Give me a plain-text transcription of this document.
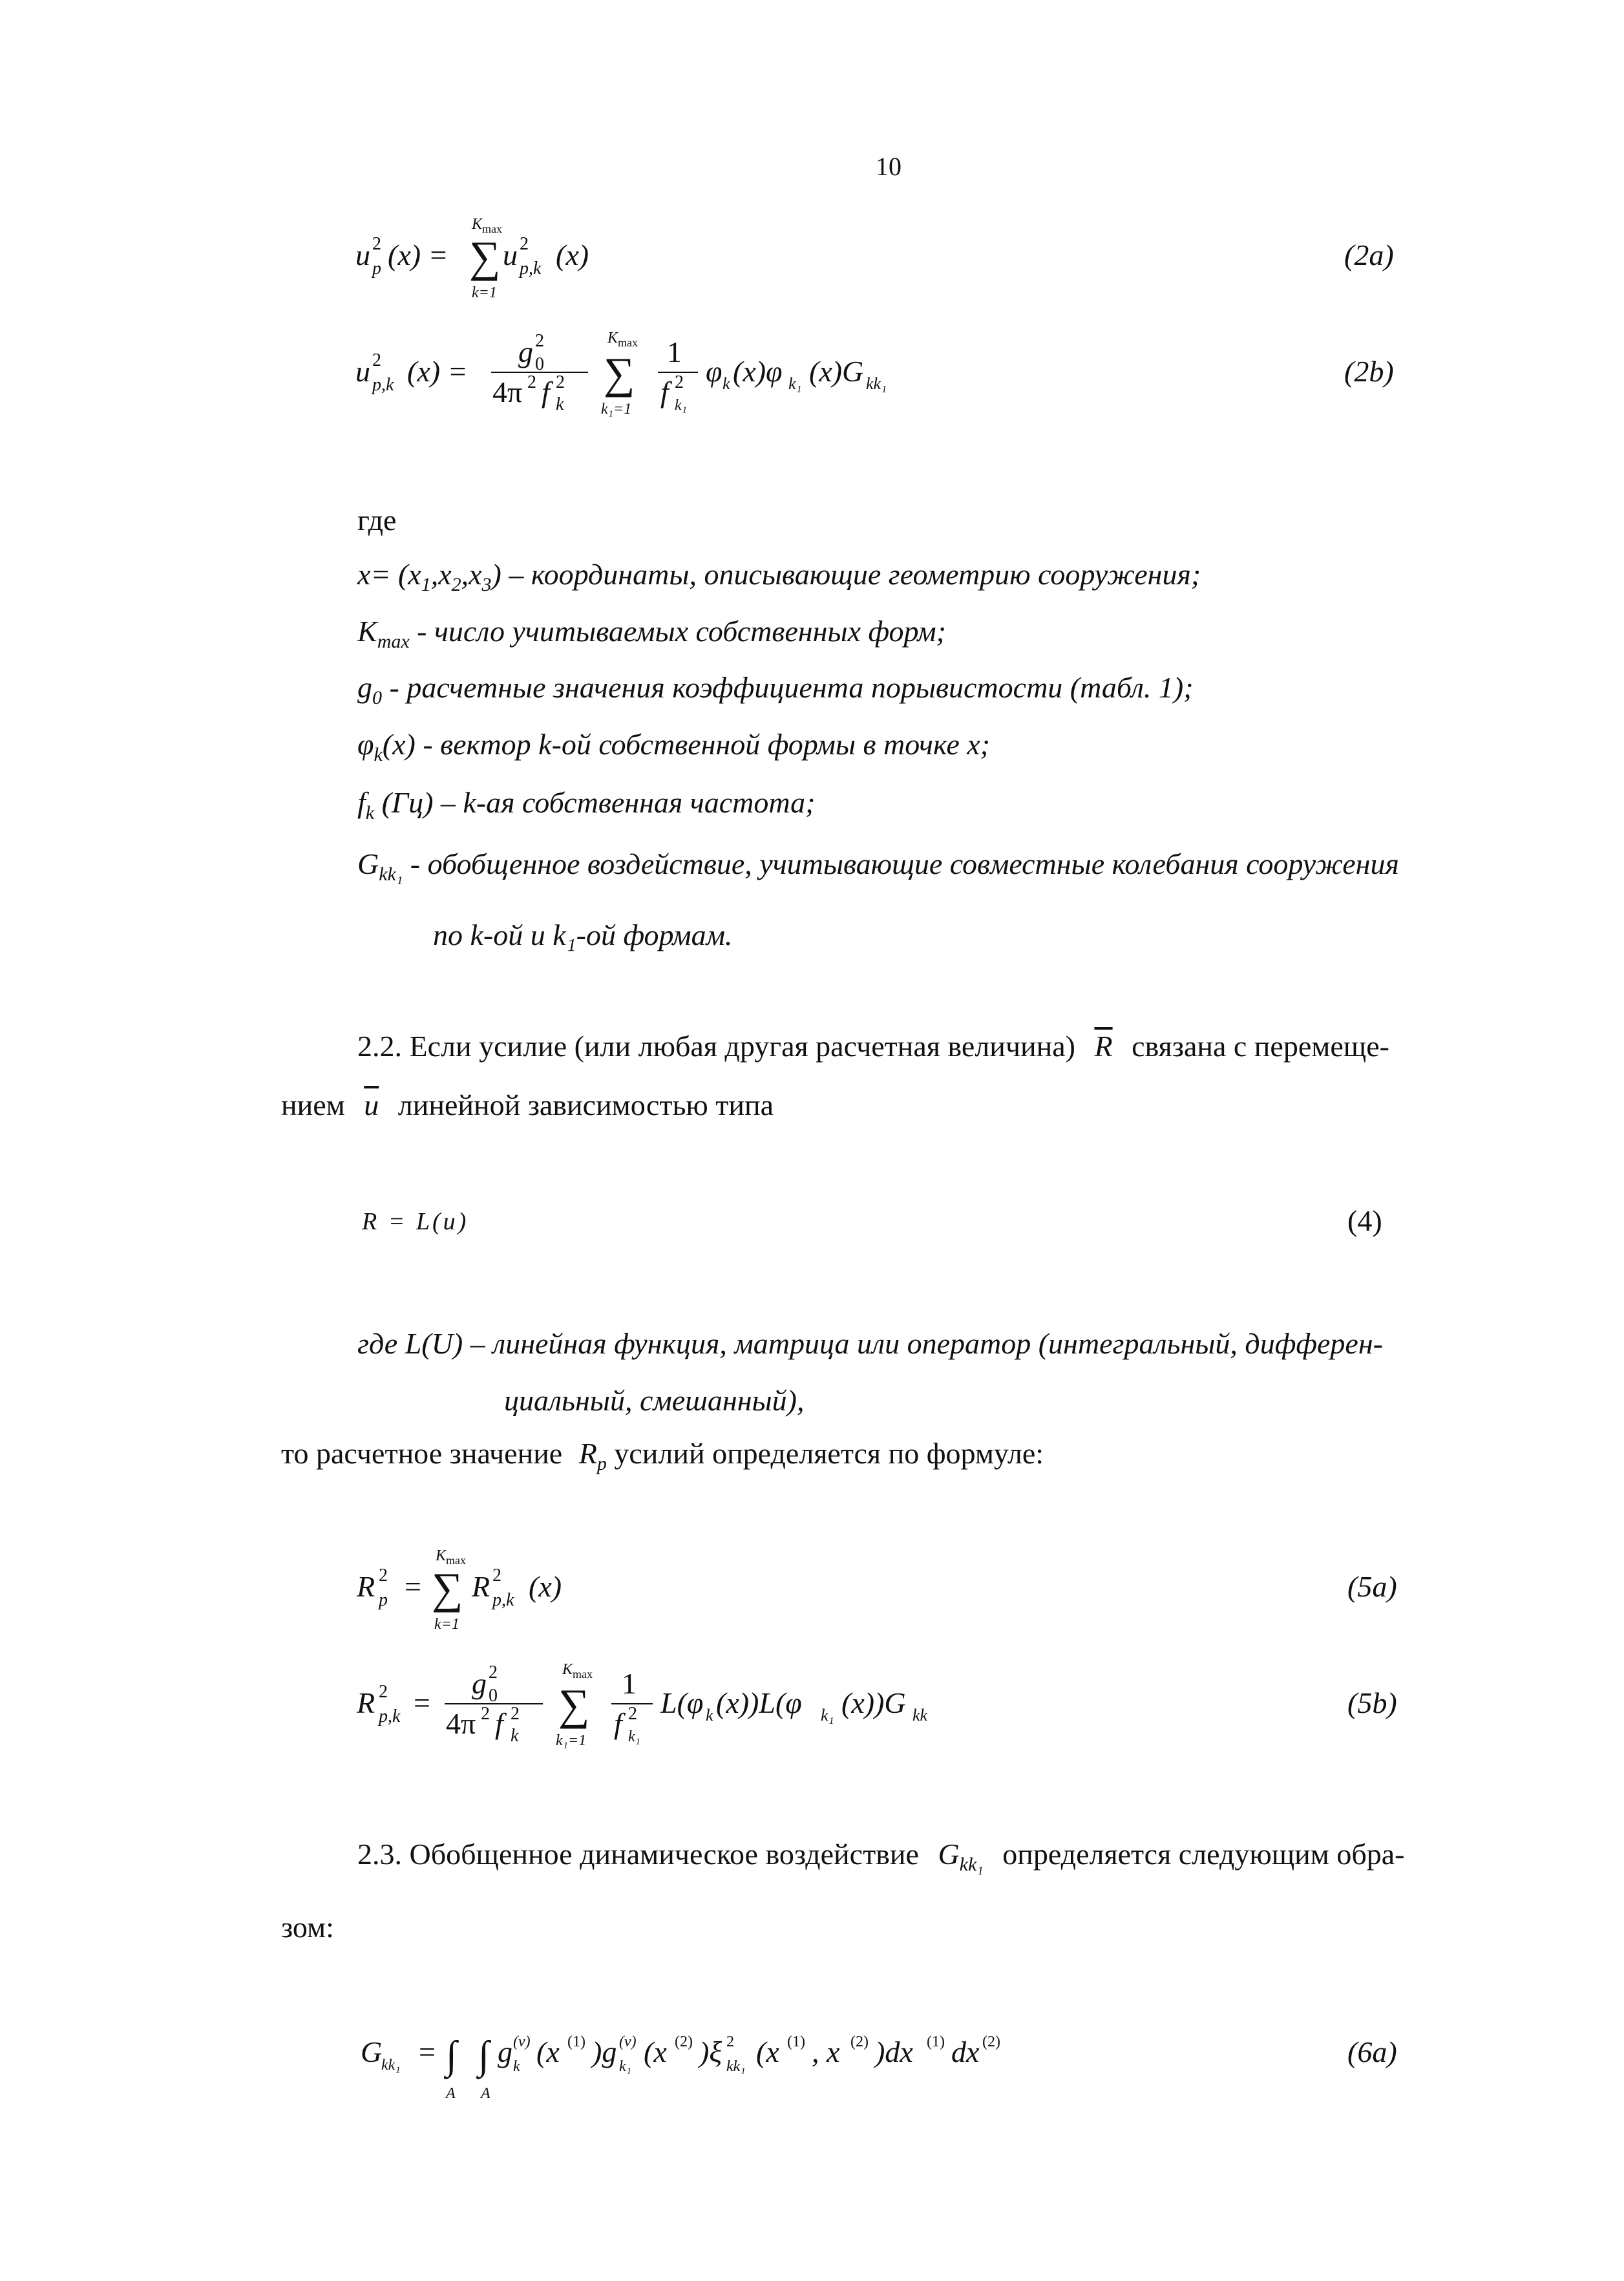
10
u 2
p (x) =
K max
∑
k=1
u 2
p,k (x)	(2a)
u 2
p,k (x) =
g 2
0
4π 2 f 2
k
K max
∑
k₁=1
1
f 2
k₁
φ k (x)φ k₁ (x)G kk₁	(2b)
где
$x= (x_1,x_2,x_3)$ – координаты, описывающие геометрию сооружения;
$K_{max}$ - число учитываемых собственных форм;
$g_0$ - расчетные значения коэффициента порывистости (табл. 1);
$\varphi_k(x)$ - вектор k-ой собственной формы в точке x;
$f_k$ (Гц) – k-ая собственная частота;
$G_{kk_1}$ - обобщенное воздействие, учитывающие совместные колебания сооружения
по k-ой и k₁-ой формам.
2.2. Если усилие (или любая другая расчетная величина) $\overline{R}$ связана с перемеще-
нием $\overline{u}$ линейной зависимостью типа
R = L(u)	(4)
где L(U) – линейная функция, матрица или оператор (интегральный, дифферен-
циальный, смешанный),
то расчетное значение $R_p$ усилий определяется по формуле:
R 2
p =
K max
∑
k=1
R 2
p,k (x)	(5a)
R 2
p,k =
g 2
0
4π 2 f 2
k
K max
∑
k₁=1
1
f 2
k₁
L(φ k (x))L(φ k₁ (x))G kk	(5b)
2.3. Обобщенное динамическое воздействие $G_{kk_1}$ определяется следующим обра-
зом:
G
kk₁ = ∫
A
∫
A
g (v)
k (x (1) )g (v)
k₁ (x (2) )ξ 2
kk₁ (x (1) , x (2) )dx (1) dx (2)	(6a)
